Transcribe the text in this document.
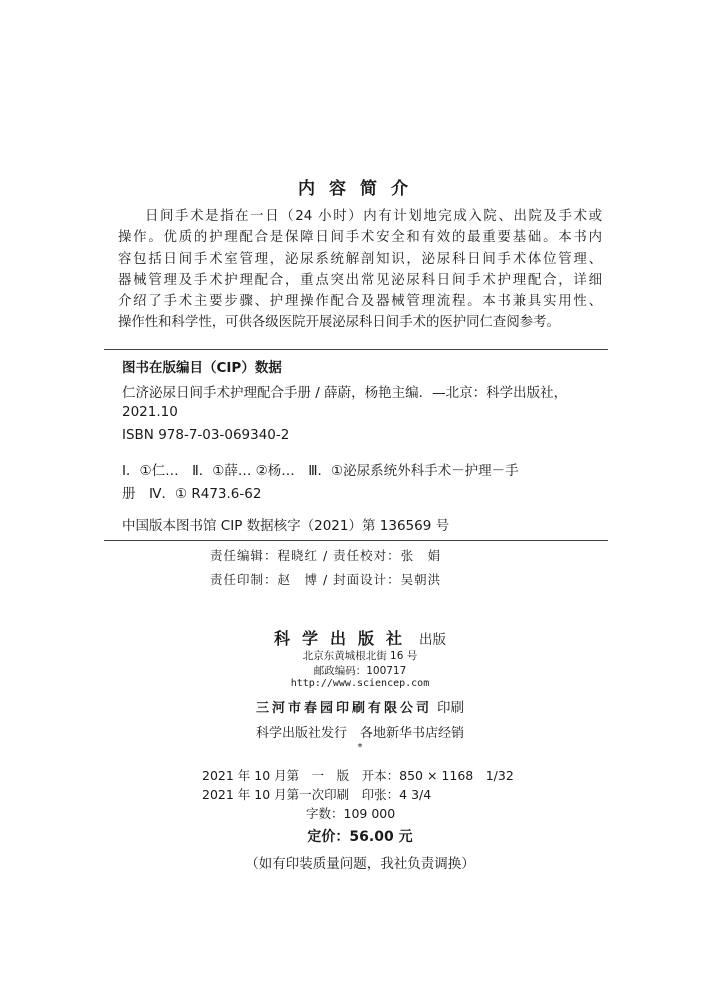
内容简介

日间手术是指在一日（24 小时）内有计划地完成入院、出院及手术或

操作。优质的护理配合是保障日间手术安全和有效的最重要基础。本书内

容包括日间手术室管理，泌尿系统解剖知识，泌尿科日间手术体位管理、

器械管理及手术护理配合，重点突出常见泌尿科日间手术护理配合，详细

介绍了手术主要步骤、护理操作配合及器械管理流程。本书兼具实用性、

操作性和科学性，可供各级医院开展泌尿科日间手术的医护同仁查阅参考。

图书在版编目（CIP）数据
仁济泌尿日间手术护理配合手册 / 薛蔚，杨艳主编．—北京：科学出版社，
2021.10
ISBN 978-7-03-069340-2
Ⅰ．①仁…　Ⅱ．①薛… ②杨…　Ⅲ．①泌尿系统外科手术－护理－手
册　Ⅳ．① R473.6-62
中国版本图书馆 CIP 数据核字（2021）第 136569 号
责任编辑：程晓红 / 责任校对：张　娟
责任印制：赵　博 / 封面设计：吴朝洪
科学出版社 出版
北京东黄城根北街 16 号
邮政编码：100717
http://www.sciencep.com
三河市春园印刷有限公司 印刷
科学出版社发行　各地新华书店经销
*
2021 年 10 月第　一　版　开本：850 × 1168　1/32
2021 年 10 月第一次印刷　印张：4 3/4
字数：109 000
定价：56.00 元
（如有印装质量问题，我社负责调换）
